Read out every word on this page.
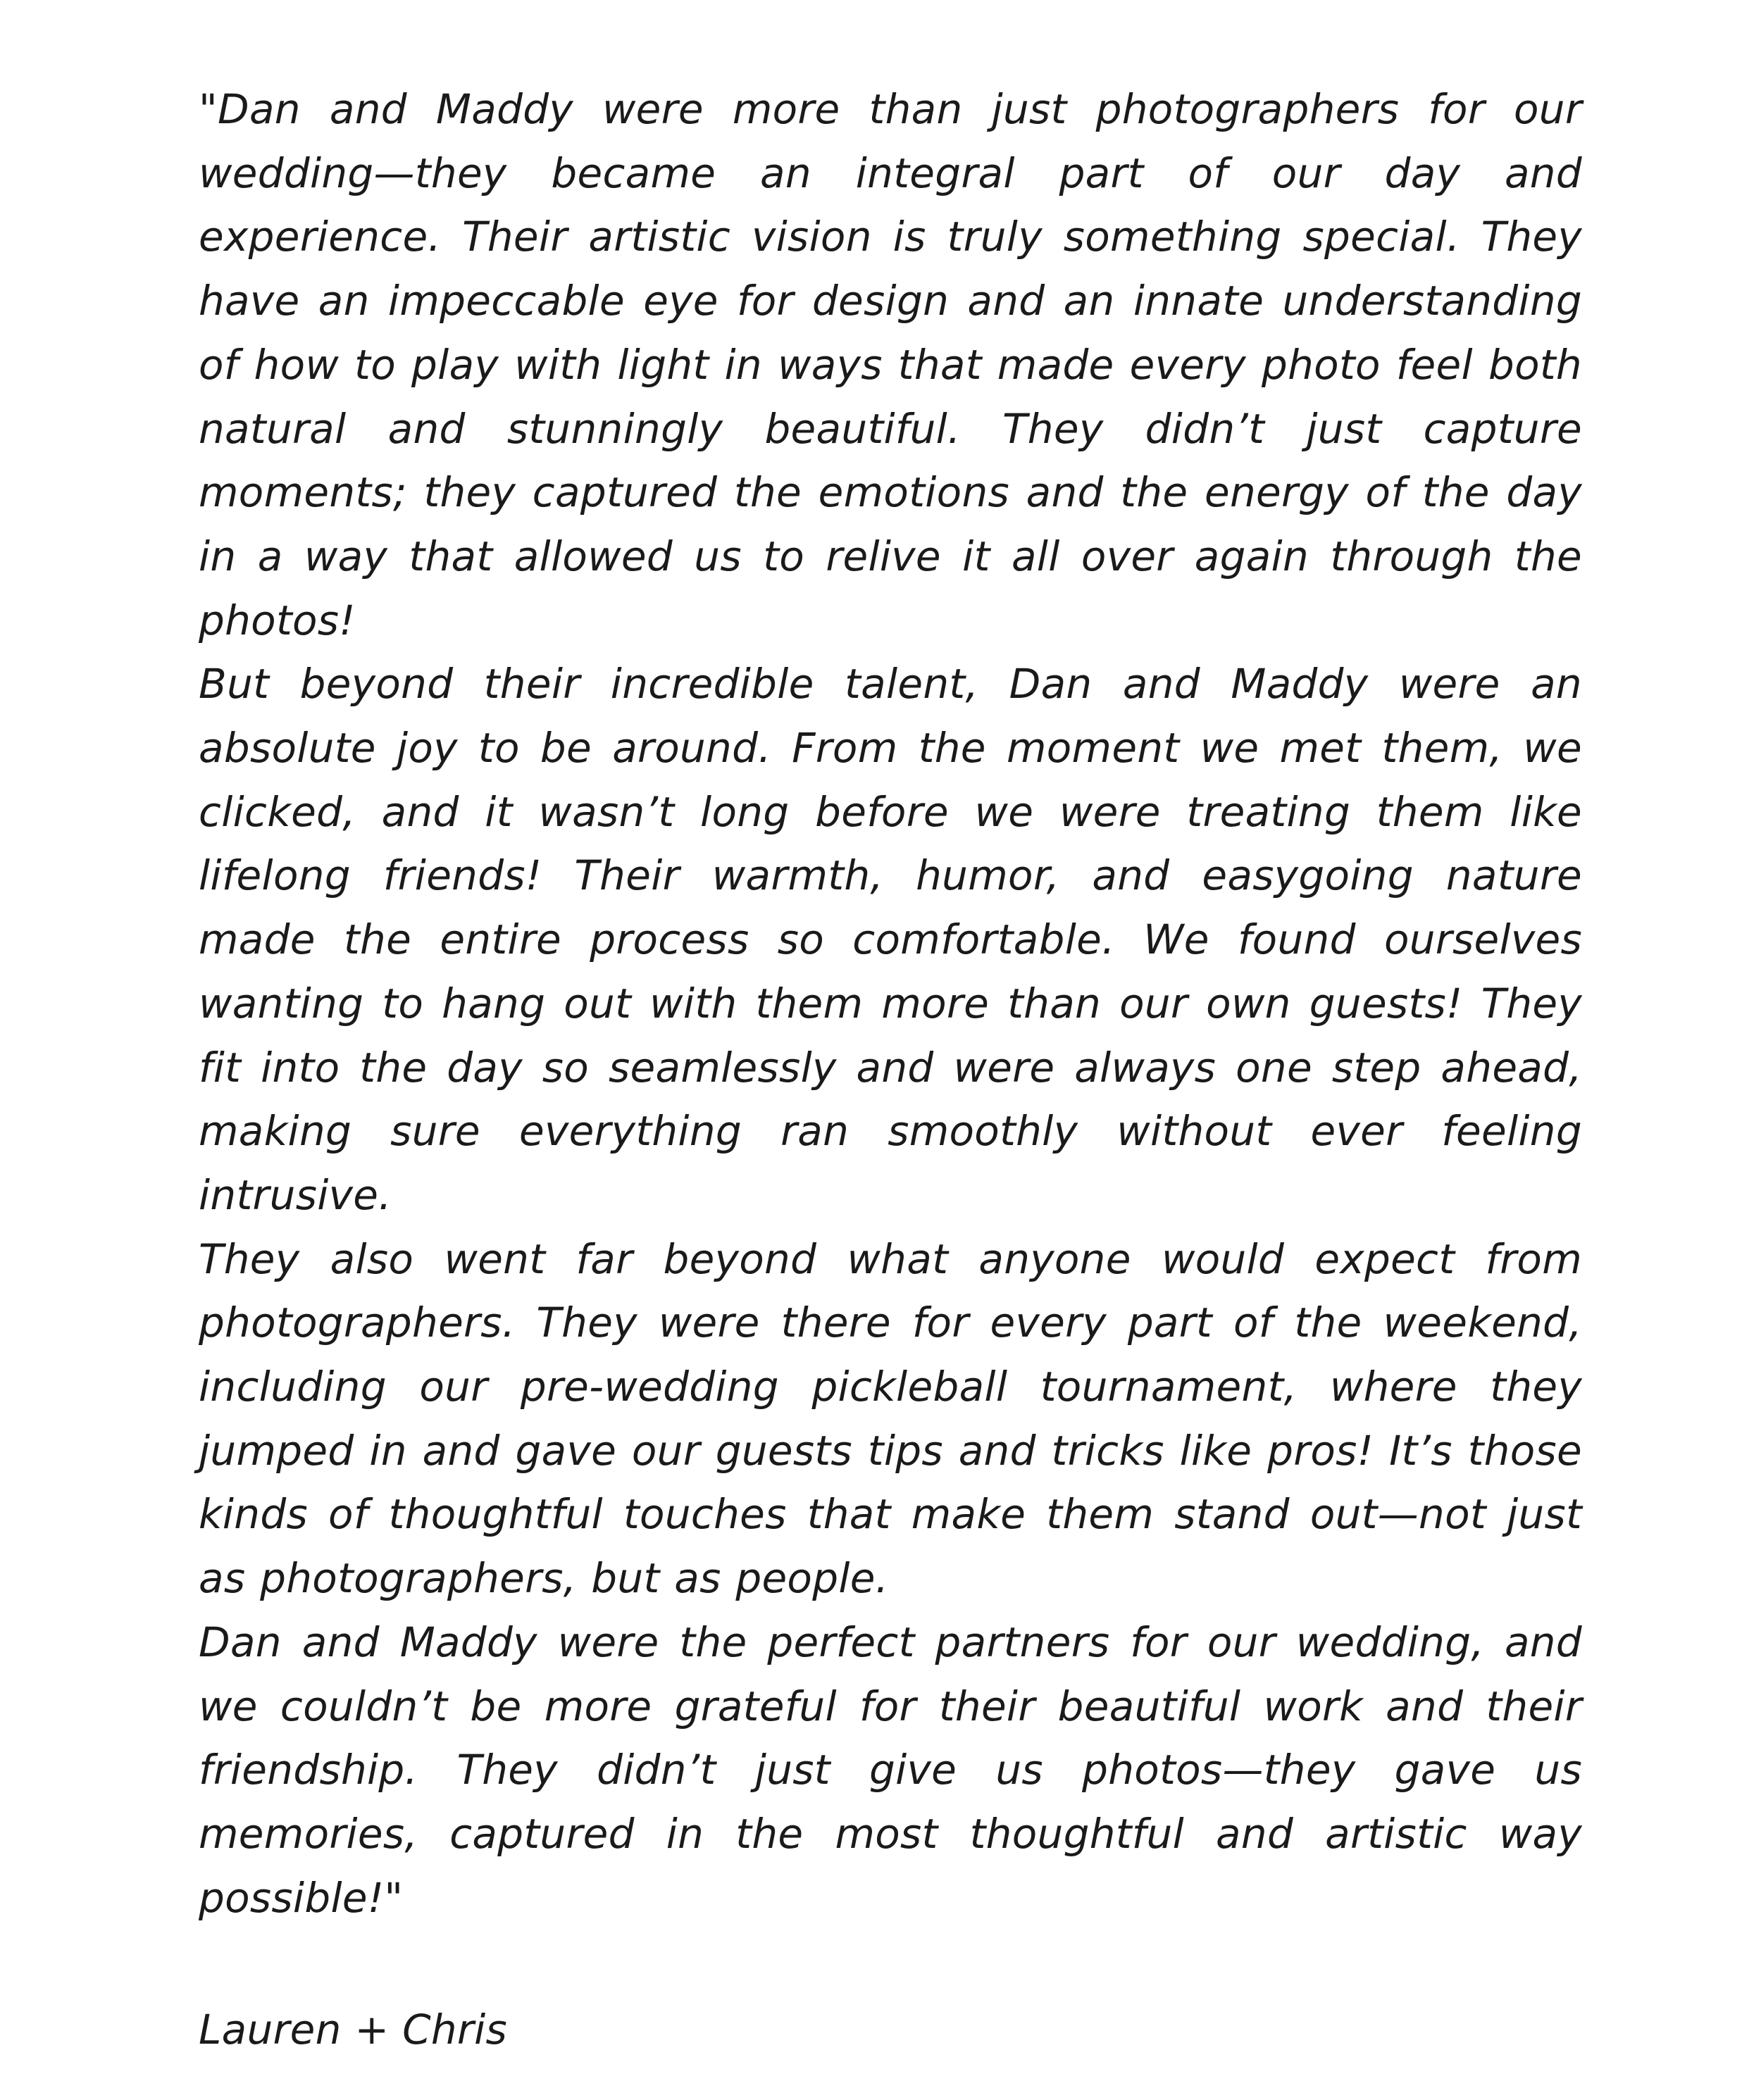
"Dan and Maddy were more than just photographers for our wedding—they became an integral part of our day and experience. Their artistic vision is truly something special. They have an impeccable eye for design and an innate understanding of how to play with light in ways that made every photo feel both natural and stunningly beautiful. They didn’t just capture moments; they captured the emotions and the energy of the day in a way that allowed us to relive it all over again through the photos!

But beyond their incredible talent, Dan and Maddy were an absolute joy to be around. From the moment we met them, we clicked, and it wasn’t long before we were treating them like lifelong friends! Their warmth, humor, and easygoing nature made the entire process so comfortable. We found ourselves wanting to hang out with them more than our own guests! They fit into the day so seamlessly and were always one step ahead, making sure everything ran smoothly without ever feeling intrusive.

They also went far beyond what anyone would expect from photographers. They were there for every part of the weekend, including our pre-wedding pickleball tournament, where they jumped in and gave our guests tips and tricks like pros! It’s those kinds of thoughtful touches that make them stand out—not just as photographers, but as people.

Dan and Maddy were the perfect partners for our wedding, and we couldn’t be more grateful for their beautiful work and their friendship. They didn’t just give us photos—they gave us memories, captured in the most thoughtful and artistic way possible!"

Lauren + Chris
